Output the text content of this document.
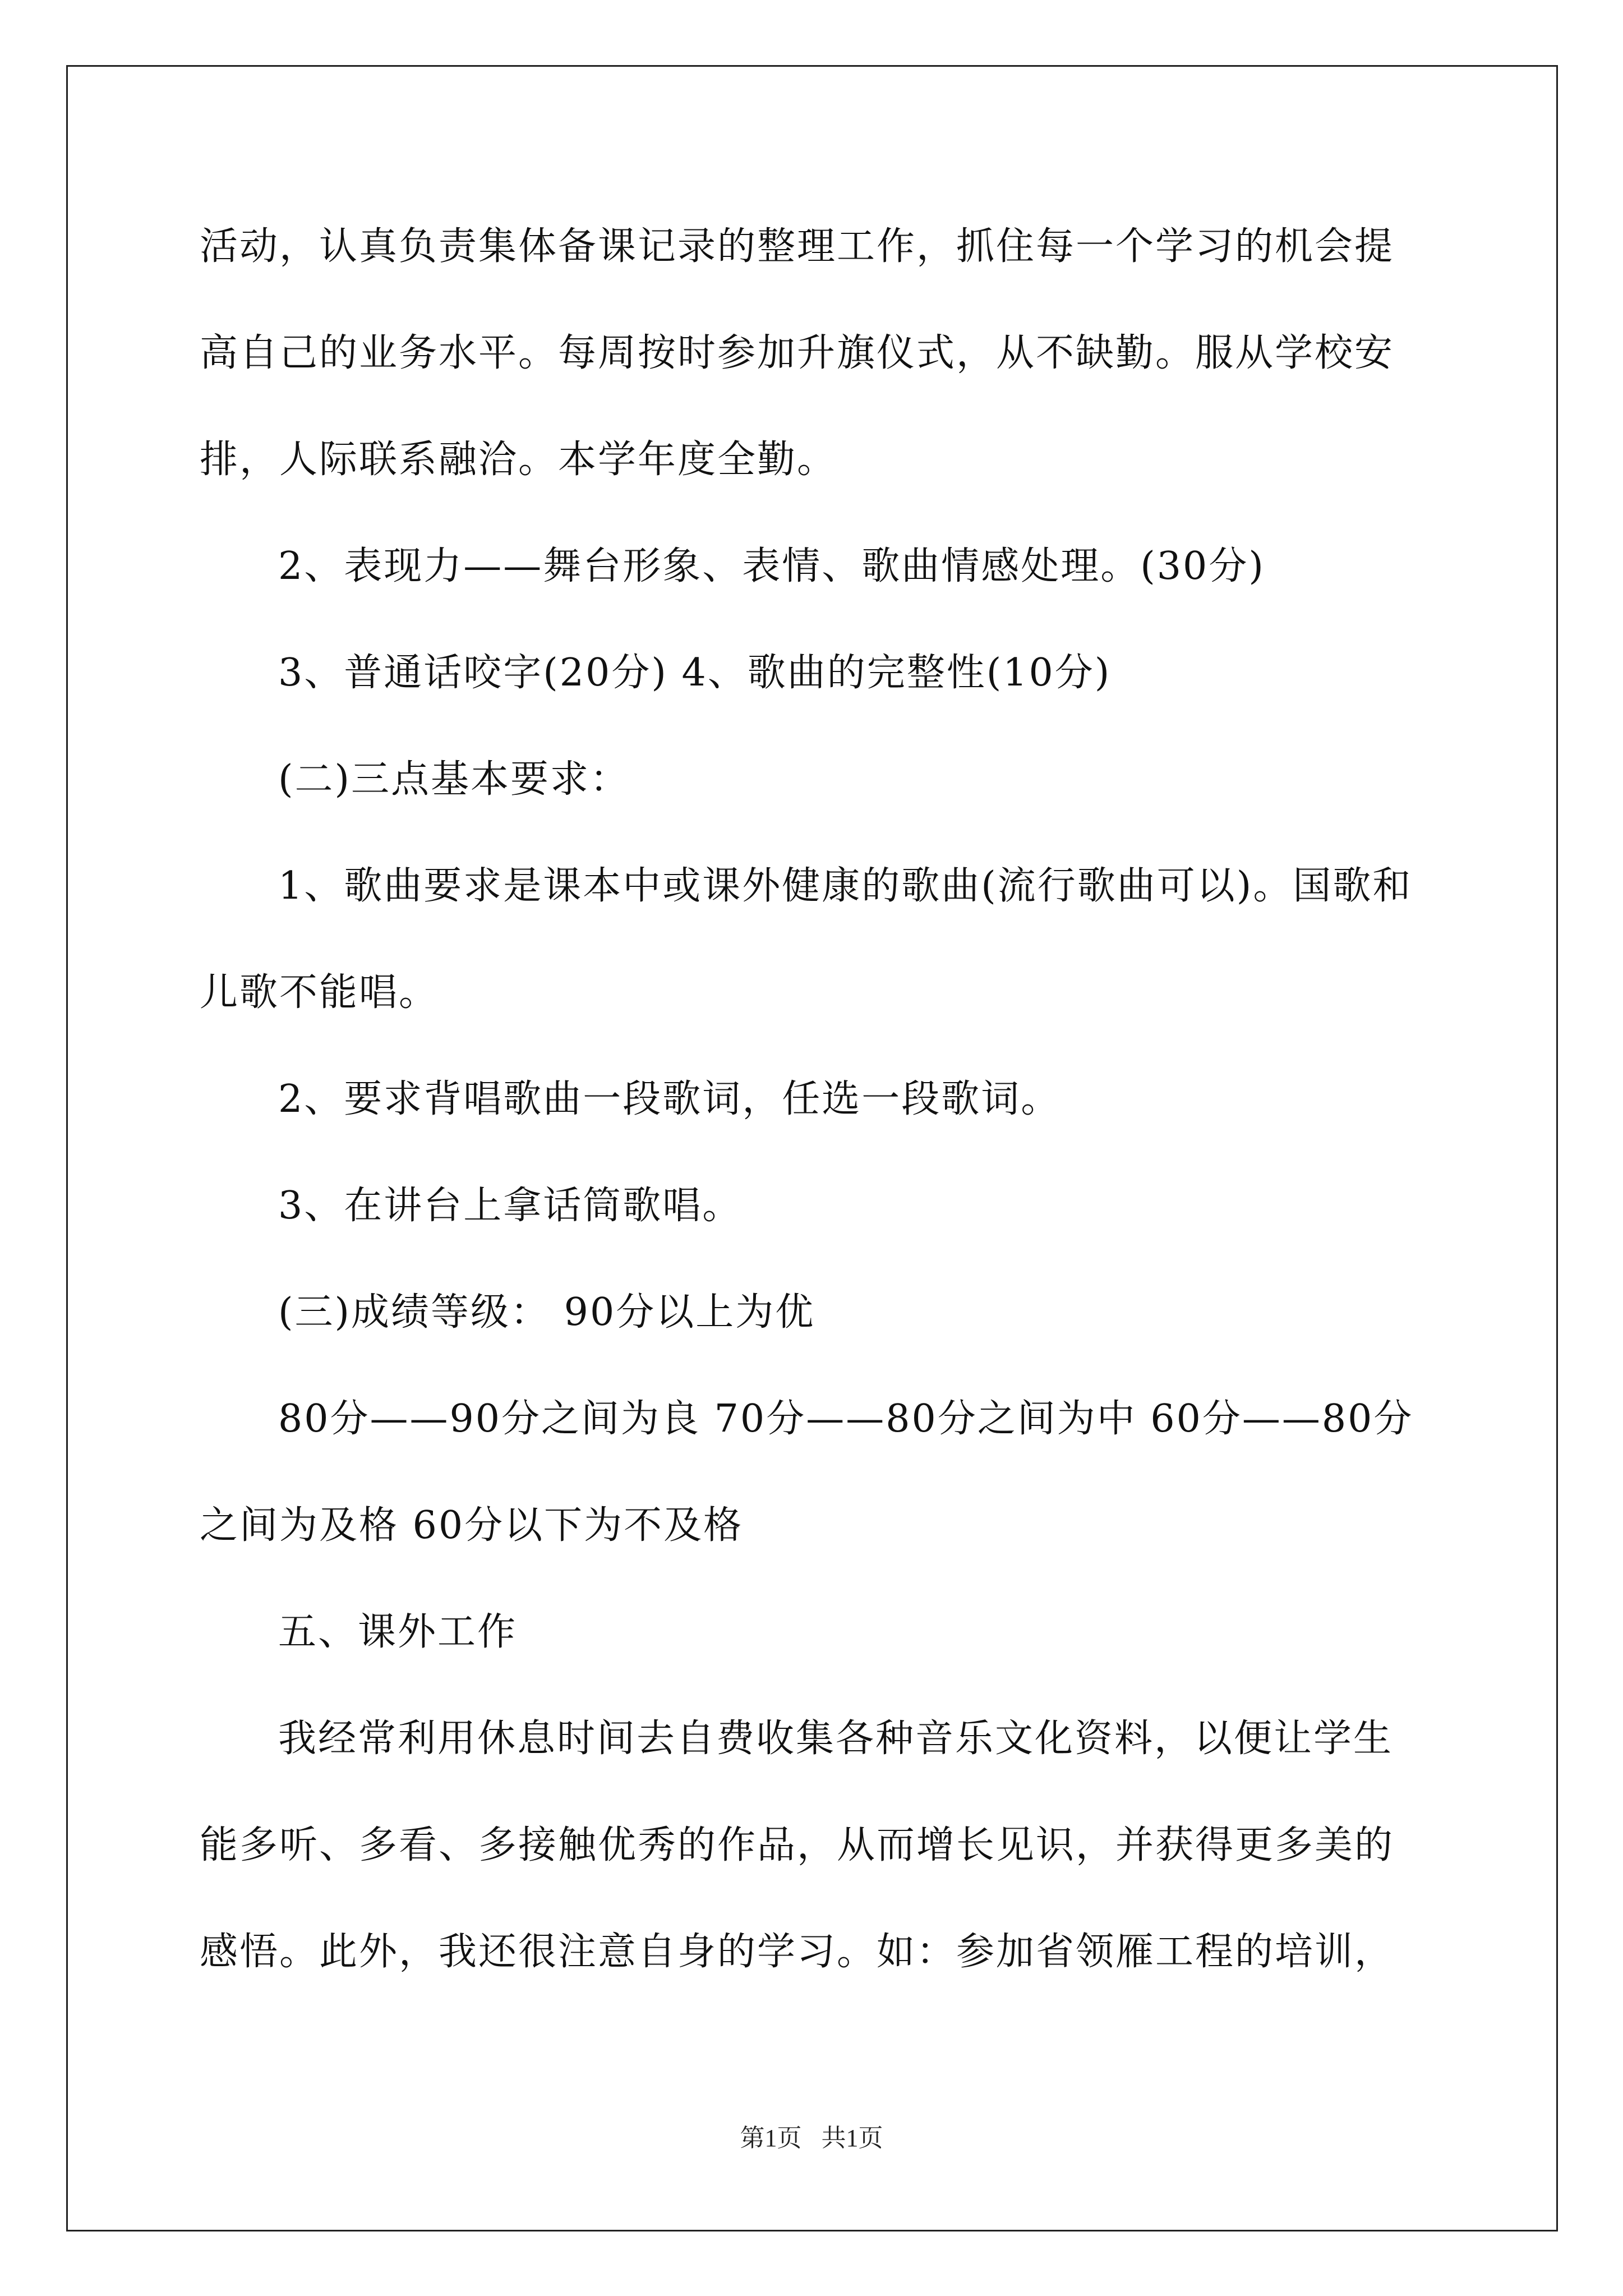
活动，认真负责集体备课记录的整理工作，抓住每一个学习的机会提
高自己的业务水平。每周按时参加升旗仪式，从不缺勤。服从学校安
排，人际联系融洽。本学年度全勤。
2、表现力——舞台形象、表情、歌曲情感处理。(30分)
3、普通话咬字(20分) 4、歌曲的完整性(10分)
(二)三点基本要求：
1、歌曲要求是课本中或课外健康的歌曲(流行歌曲可以)。国歌和
儿歌不能唱。
2、要求背唱歌曲一段歌词，任选一段歌词。
3、在讲台上拿话筒歌唱。
(三)成绩等级： 90分以上为优
80分——90分之间为良 70分——80分之间为中 60分——80分
之间为及格 60分以下为不及格
五、课外工作
我经常利用休息时间去自费收集各种音乐文化资料，以便让学生
能多听、多看、多接触优秀的作品，从而增长见识，并获得更多美的
感悟。此外，我还很注意自身的学习。如：参加省领雁工程的培训，
第1页 共1页
